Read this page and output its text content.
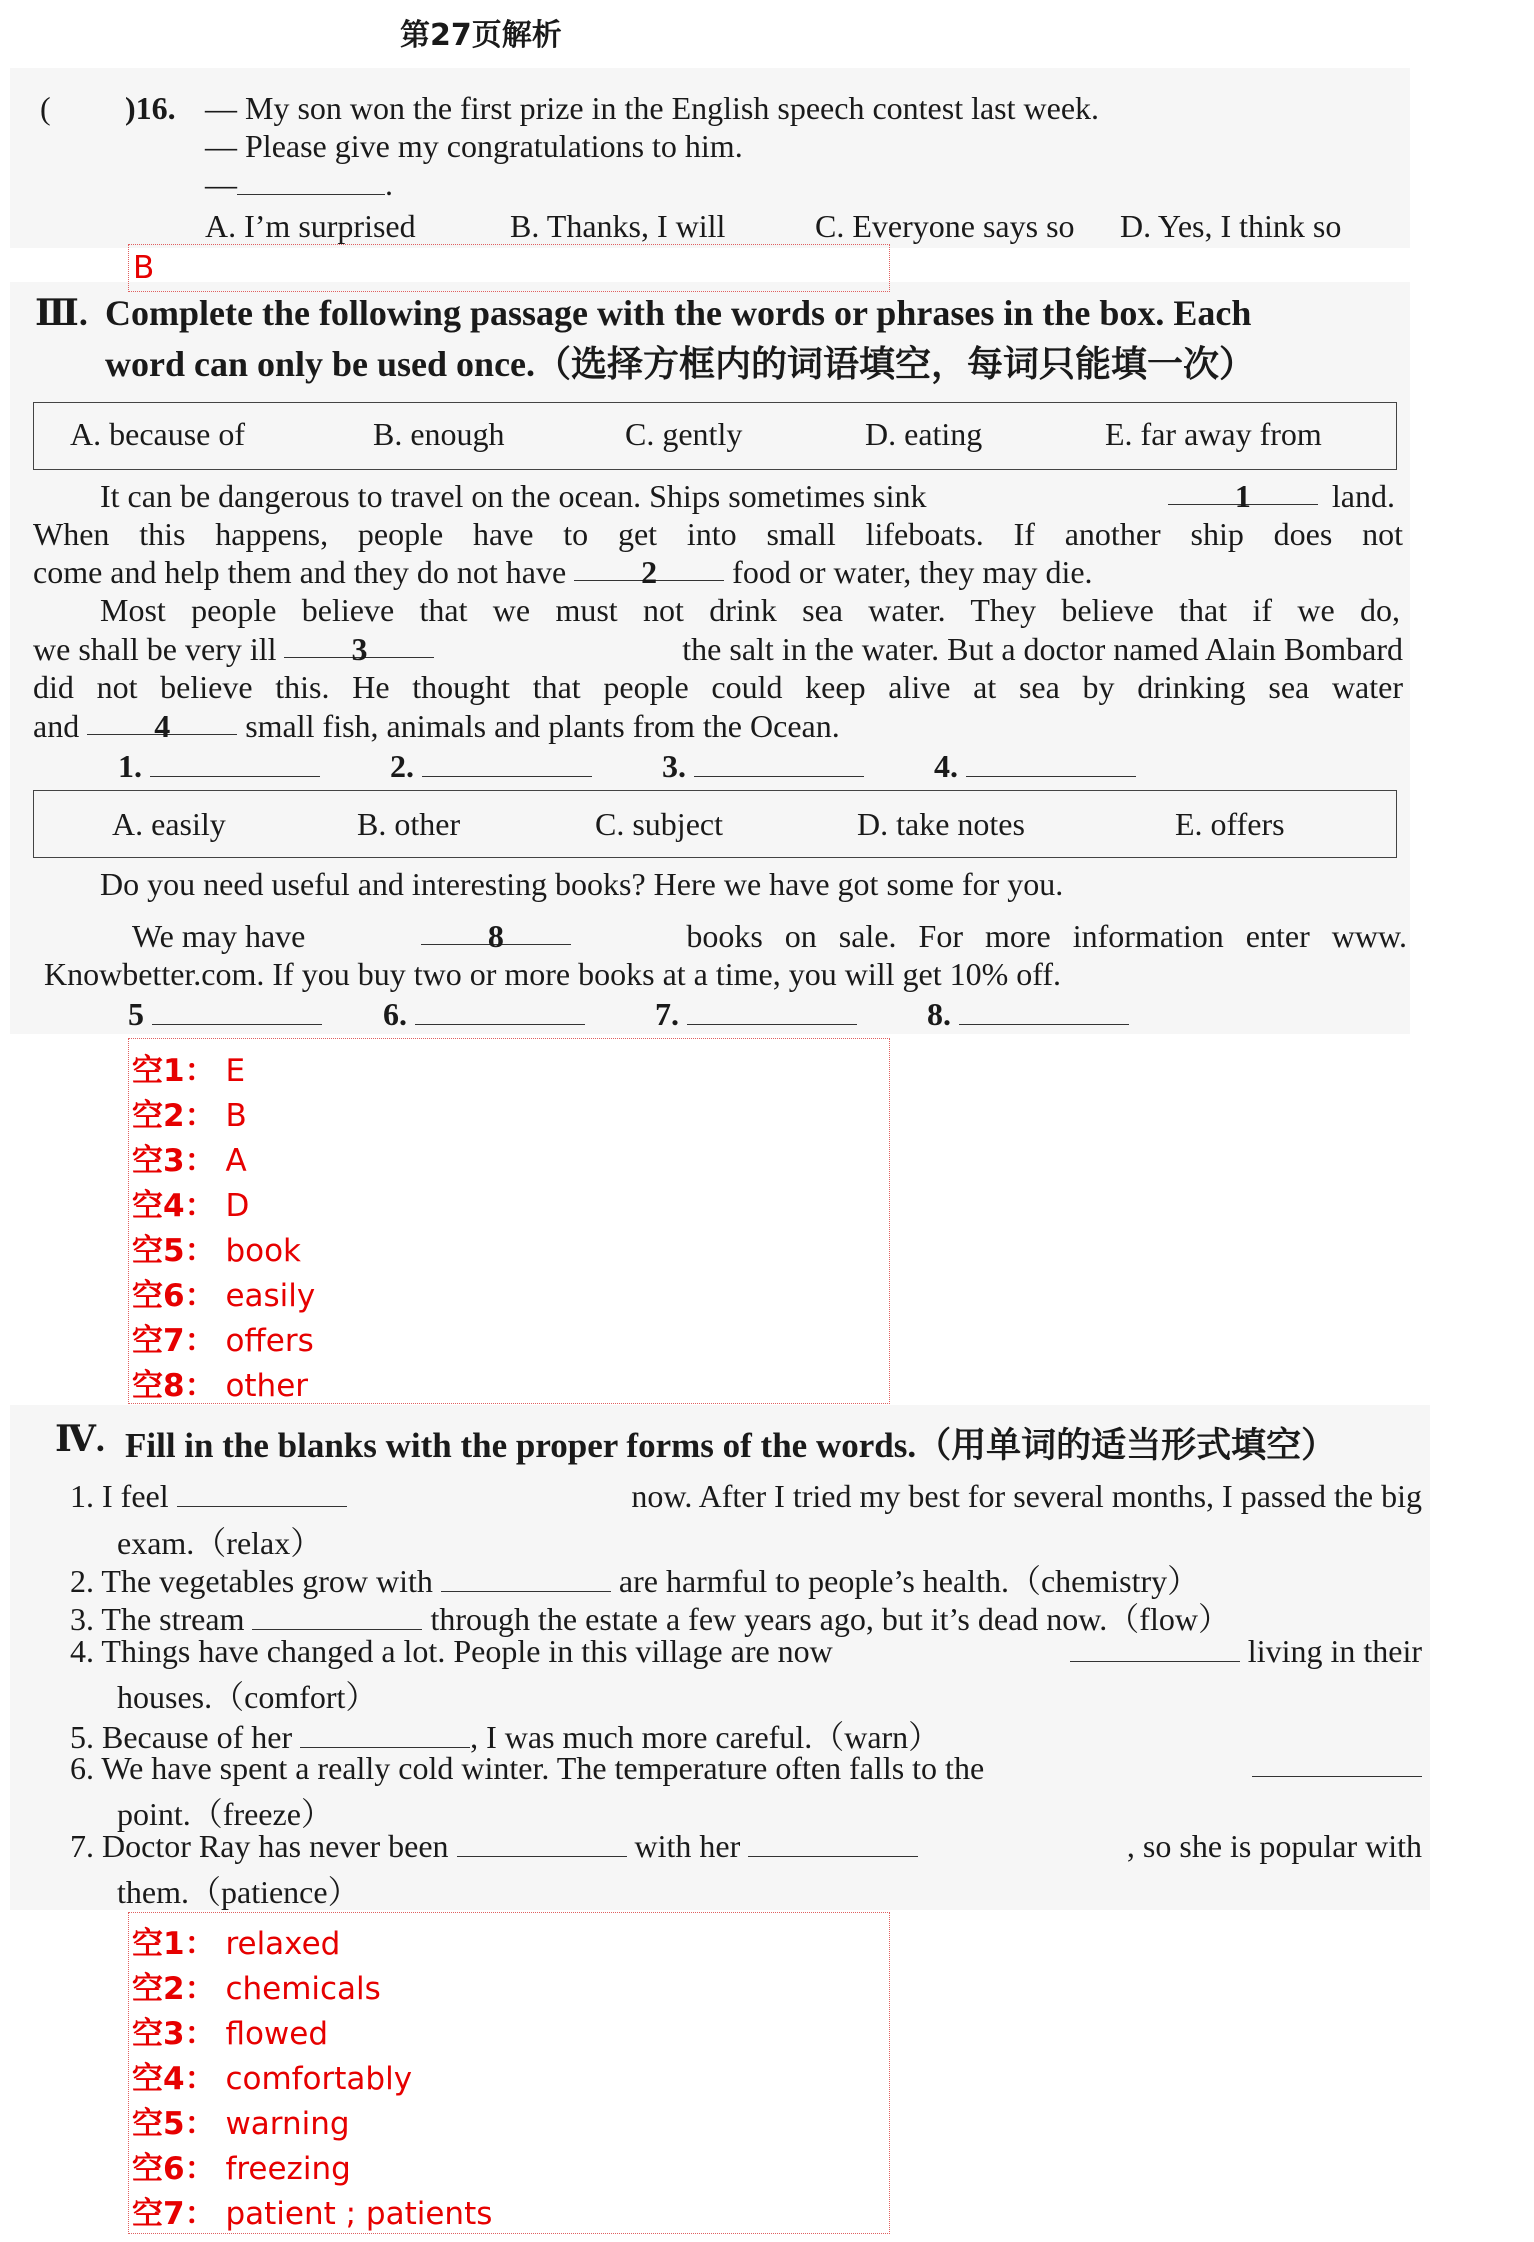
第27页解析
( )16. — My son won the first prize in the English speech contest last week.
— Please give my congratulations to him.
—	.
A. I’m surprised	B. Thanks, I will	C. Everyone says so	D. Yes, I think so
B
Ⅲ. Complete the following passage with the words or phrases in the box. Each
word can only be used once.（选择方框内的词语填空，每词只能填一次）
A. because of	B. enough	C. gently	D. eating	E. far away from
It can be dangerous to travel on the ocean. Ships sometimes sink	1	land.
When this happens, people have to get into small lifeboats. If another ship does not
come and help them and they do not have 2 food or water, they may die.
Most people believe that we must not drink sea water. They believe that if we do,
we shall be very ill 3	the salt in the water. But a doctor named Alain Bombard
did not believe this. He thought that people could keep alive at sea by drinking sea water
and 4 small fish, animals and plants from the Ocean.
1.	2.	3.	4.
A. easily	B. other	C. subject	D. take notes	E. offers
Do you need useful and interesting books? Here we have got some for you.
We may have	8	books on sale. For more information enter www.
Knowbetter.com. If you buy two or more books at a time, you will get 10% off.
5	6.	7.	8.
空1： E
空2： B
空3： A
空4： D
空5： book
空6： easily
空7： offers
空8： other
Ⅳ. Fill in the blanks with the proper forms of the words.（用单词的适当形式填空）
1. I feel	now. After I tried my best for several months, I passed the big
exam.（relax）
2. The vegetables grow with	are harmful to people’s health.（chemistry）
3. The stream	through the estate a few years ago, but it’s dead now.（flow）
4. Things have changed a lot. People in this village are now	living in their
houses.（comfort）
5. Because of her	, I was much more careful.（warn）
6. We have spent a really cold winter. The temperature often falls to the
point.（freeze）
7. Doctor Ray has never been	with her	, so she is popular with
them.（patience）
空1： relaxed
空2： chemicals
空3： flowed
空4： comfortably
空5： warning
空6： freezing
空7： patient ; patients
